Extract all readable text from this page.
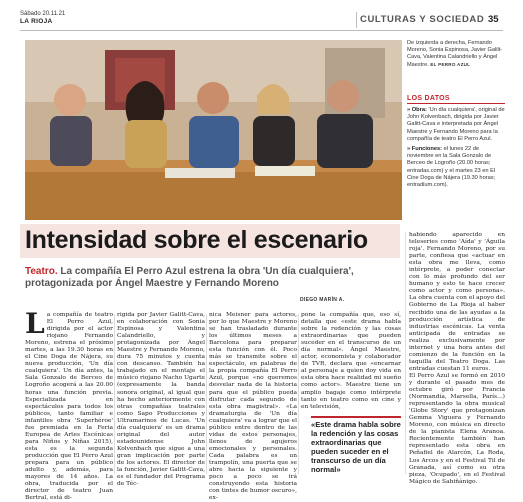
Sábado 20.11.21
LA RIOJA	CULTURAS Y SOCIEDAD 35
De izquierda a derecha, Fernando Moreno, Sonia Espinosa, Javier Galilt-Cava, Valentina Calandriello y Ángel Maestre. EL PERRO AZUL
LOS DATOS
» Obra: 'Un día cualquiera', original de John Kolvenbach, dirigida por Javier Galitt-Cava e interpretada por Ángel Maestre y Fernando Moreno para la compañía de teatro El Perro Azul.
» Funciones: el lunes 22 de noviembre en la Sala Gonzalo de Berceo de Logroño (20.00 horas; entradas.com) y el martes 23 en El Cine Doga de Nájera (19.30 horas; entradium.com).
Intensidad sobre el escenario
Teatro. La compañía El Perro Azul estrena la obra 'Un día cualquiera', protagonizada por Ángel Maestre y Fernando Moreno
DIEGO MARÍN A.
La compañía de teatro El Perro Azul, dirigida por el actor riojano Fernando Moreno, estrena el próximo martes, a las 19.30 horas en el Cine Doga de Nájera, su nueva producción, 'Un día cualquiera'. Un día antes, la Sala Gonzalo de Berceo de Logroño acogerá a las 20.00 horas una función previa. Especializada en espectáculos para todos los públicos, tanto familiar e infantiles obra 'Superhéroe' fue premiada en la Feria Europea de Artes Escénicas para Niños y Niñas 2015), esta es la segunda producción que El Perro Azul prepara para un público adulto y, además, para mayores de 14 años. La obra, traducida por el director de teatro Juan Bertral, está di-
rigida por Javier Galitt-Cava, en colaboración con Sonia Espinosa y Valentina Calandriello, y protagonizada por Ángel Maestre y Fernando Moreno, dura 75 minutos y cuenta con descanso. También ha trabajado en el montaje el músico riojano Nacho Ugarte (expresamente la banda sonora original, al igual que ha hecho anteriormente con otras compañías teatrales como Sapo Producciones y Ultramarinos de Lucas. 'Un día cualquiera' es un drama original del autor estadounidense John Kolvenbach que sigue a una gran implicación por parte de los actores. El director de la función, Javier Galitt-Cava, es el fundador del Programa de Téc-
nica Meisner para actores, por lo que Maestre y Moreno se han trasladado durante los últimos meses a Barcelona para preparar esta función con él. Poco más se transmite sobre el espectáculo, en palabras de la propia compañía El Perro Azul, porque «no queremos desvelar nada de la historia para que el público pueda disfrutar cada segundo de esta obra magistral». «La dramaturgia de 'Un día cualquiera' va a lograr que el público entre dentro de las vidas de estos personajes, llenos de agujeros emocionales y personales. Cada palabra es un trampolín, una puerta que se abre hacia la siguiente y poco a poco se irá construyendo esta historia con tintes de humor oscuro», ex-
pone la compañía que, eso sí, detalla que «este drama habla sobre la redención y las cosas extraordinarias que pueden suceder en el transcurso de un día normal». Ángel Maestre, actor, economista y colaborador de TVR, declara que «encarnar al personaje a quien doy vida en esta obra hace realidad mi sueño como actor». Maestre tiene un amplio bagaje como intérprete tanto en teatro como en cine y en televisión,
«Este drama habla sobre la redención y las cosas extraordinarias que pueden suceder en el transcurso de un día normal»
habiendo aparecido en teleseries como 'Aída' y 'Águila roja'. Fernando Moreno, por su parte, confiesa que «actuar en esta obra me lleva, como intérprete, a poder conectar con lo más profundo del ser humano y esto te hace crecer como actor y como persona». La obra cuenta con el apoyo del Gobierno de La Rioja al haber recibido una de las ayudas a la producción artística de industrias escénicas. La venta anticipada de entradas se realiza exclusivamente por internet y una hora antes del comienzo de la función en la taquilla del Teatro Doga. Las entradas cuestan 11 euros.
El Perro Azul se formó en 2010 y durante el pasado mes de octubre giró por Francia (Normandía, Marsella, París...) representando la obra musical 'Globe Story' que protagonizan Gemma Viguera y Fernando Moreno, con música en directo de la pianista Elena Aranoa. Recientemente también han representado esta obra en Peñafiel de Alarcón, La Roda, Los Arcos y en el Festival Til de Granada, así como su otra pieza, 'Ocupado', en el Festival Mágico de Sabiñánigo.
